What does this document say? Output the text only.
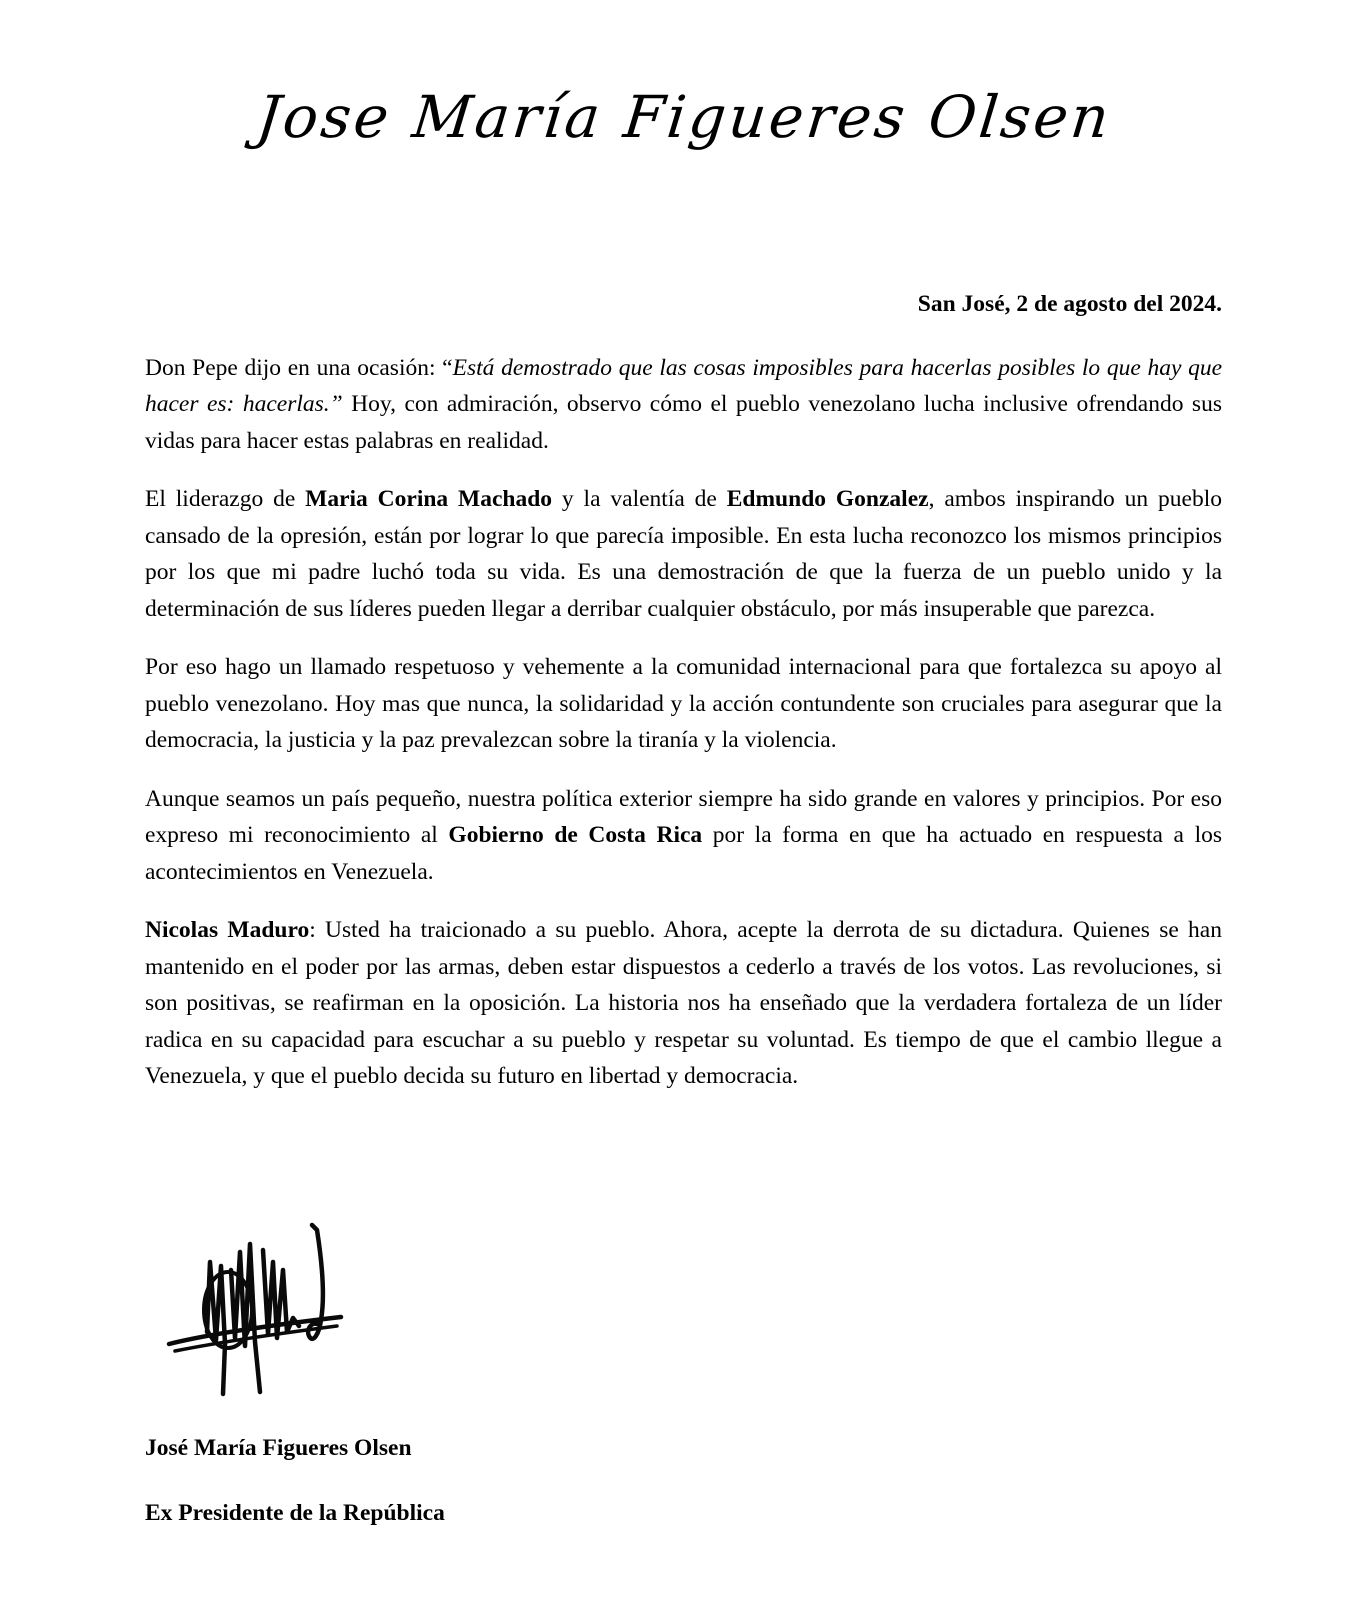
Jose María Figueres Olsen
San José, 2 de agosto del 2024.

Don Pepe dijo en una ocasión: “Está demostrado que las cosas imposibles para hacerlas posibles lo que hay que hacer es: hacerlas.” Hoy, con admiración, observo cómo el pueblo venezolano lucha inclusive ofrendando sus vidas para hacer estas palabras en realidad.

El liderazgo de Maria Corina Machado y la valentía de Edmundo Gonzalez, ambos inspirando un pueblo cansado de la opresión, están por lograr lo que parecía imposible. En esta lucha reconozco los mismos principios por los que mi padre luchó toda su vida. Es una demostración de que la fuerza de un pueblo unido y la determinación de sus líderes pueden llegar a derribar cualquier obstáculo, por más insuperable que parezca.

Por eso hago un llamado respetuoso y vehemente a la comunidad internacional para que fortalezca su apoyo al pueblo venezolano. Hoy mas que nunca, la solidaridad y la acción contundente son cruciales para asegurar que la democracia, la justicia y la paz prevalezcan sobre la tiranía y la violencia.

Aunque seamos un país pequeño, nuestra política exterior siempre ha sido grande en valores y principios. Por eso expreso mi reconocimiento al Gobierno de Costa Rica por la forma en que ha actuado en respuesta a los acontecimientos en Venezuela.

Nicolas Maduro: Usted ha traicionado a su pueblo. Ahora, acepte la derrota de su dictadura. Quienes se han mantenido en el poder por las armas, deben estar dispuestos a cederlo a través de los votos. Las revoluciones, si son positivas, se reafirman en la oposición. La historia nos ha enseñado que la verdadera fortaleza de un líder radica en su capacidad para escuchar a su pueblo y respetar su voluntad. Es tiempo de que el cambio llegue a Venezuela, y que el pueblo decida su futuro en libertad y democracia.

José María Figueres Olsen
Ex Presidente de la República
